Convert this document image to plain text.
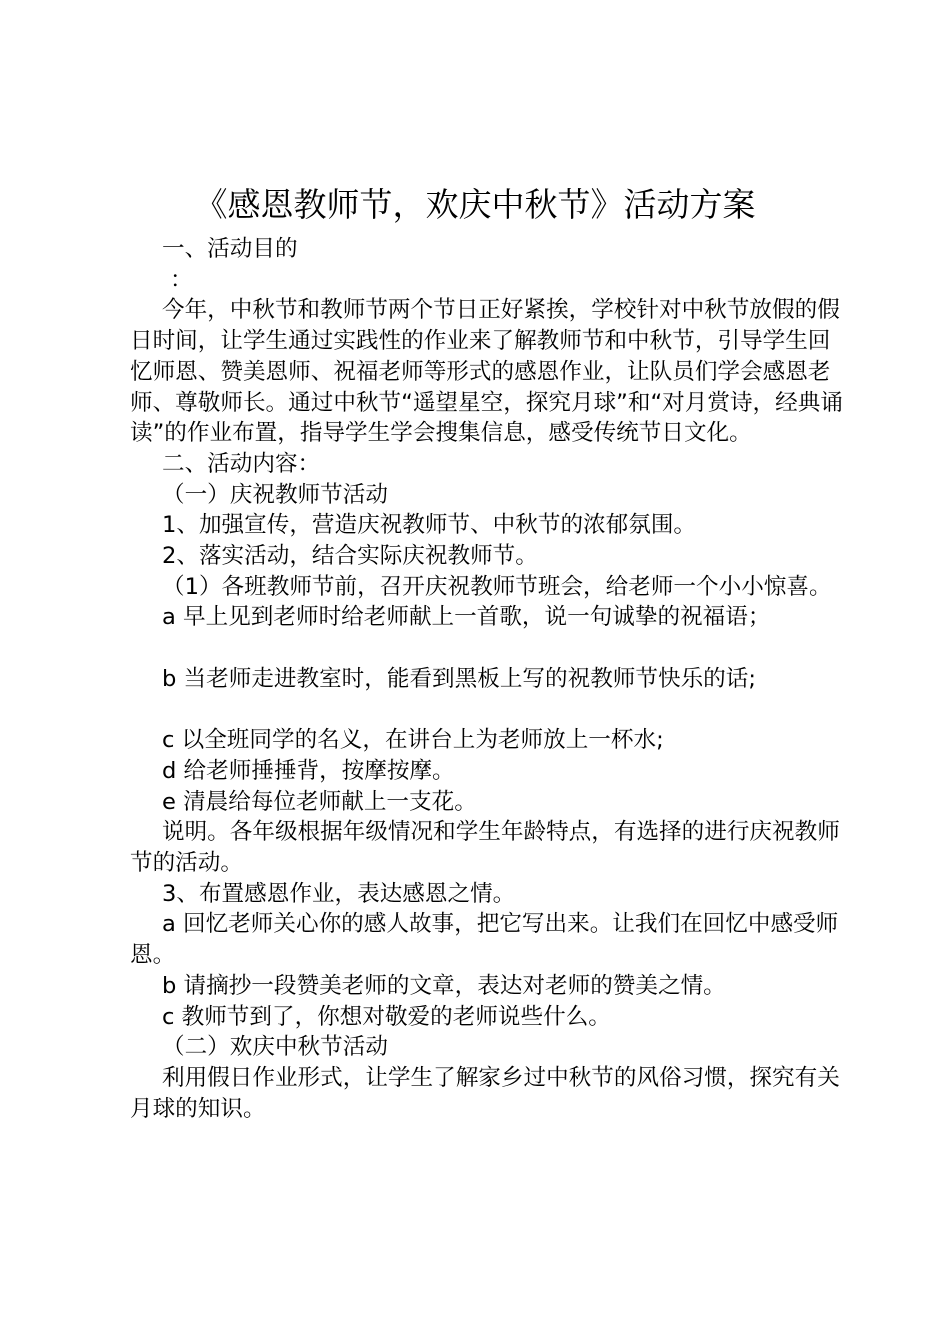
《感恩教师节，欢庆中秋节》活动方案

一、活动目的

：

今年，中秋节和教师节两个节日正好紧挨，学校针对中秋节放假的假日时间，让学生通过实践性的作业来了解教师节和中秋节，引导学生回忆师恩、赞美恩师、祝福老师等形式的感恩作业，让队员们学会感恩老师、尊敬师长。通过中秋节“遥望星空，探究月球”和“对月赏诗，经典诵读”的作业布置，指导学生学会搜集信息，感受传统节日文化。

二、活动内容：

（一）庆祝教师节活动

1、加强宣传，营造庆祝教师节、中秋节的浓郁氛围。

2、落实活动，结合实际庆祝教师节。

（1）各班教师节前，召开庆祝教师节班会，给老师一个小小惊喜。

a 早上见到老师时给老师献上一首歌，说一句诚挚的祝福语；

b 当老师走进教室时，能看到黑板上写的祝教师节快乐的话;

c 以全班同学的名义，在讲台上为老师放上一杯水;

d 给老师捶捶背，按摩按摩。

e 清晨给每位老师献上一支花。

说明。各年级根据年级情况和学生年龄特点，有选择的进行庆祝教师节的活动。

3、布置感恩作业，表达感恩之情。

a 回忆老师关心你的感人故事，把它写出来。让我们在回忆中感受师恩。

b 请摘抄一段赞美老师的文章，表达对老师的赞美之情。

c 教师节到了，你想对敬爱的老师说些什么。

（二）欢庆中秋节活动

利用假日作业形式，让学生了解家乡过中秋节的风俗习惯，探究有关月球的知识。
